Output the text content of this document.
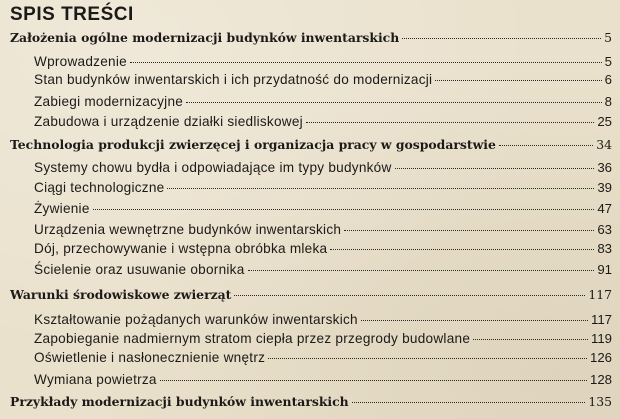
SPIS TREŚCI
Założenia ogólne modernizacji budynków inwentarskich	5
Wprowadzenie	5
Stan budynków inwentarskich i ich przydatność do modernizacji	6
Zabiegi modernizacyjne	8
Zabudowa i urządzenie działki siedliskowej	25
Technologia produkcji zwierzęcej i organizacja pracy w gospodarstwie	34
Systemy chowu bydła i odpowiadające im typy budynków	36
Ciągi technologiczne	39
Żywienie	47
Urządzenia wewnętrzne budynków inwentarskich	63
Dój, przechowywanie i wstępna obróbka mleka	83
Ścielenie oraz usuwanie obornika	91
Warunki środowiskowe zwierząt	117
Kształtowanie pożądanych warunków inwentarskich	117
Zapobieganie nadmiernym stratom ciepła przez przegrody budowlane	119
Oświetlenie i nasłonecznienie wnętrz	126
Wymiana powietrza	128
Przykłady modernizacji budynków inwentarskich	135
